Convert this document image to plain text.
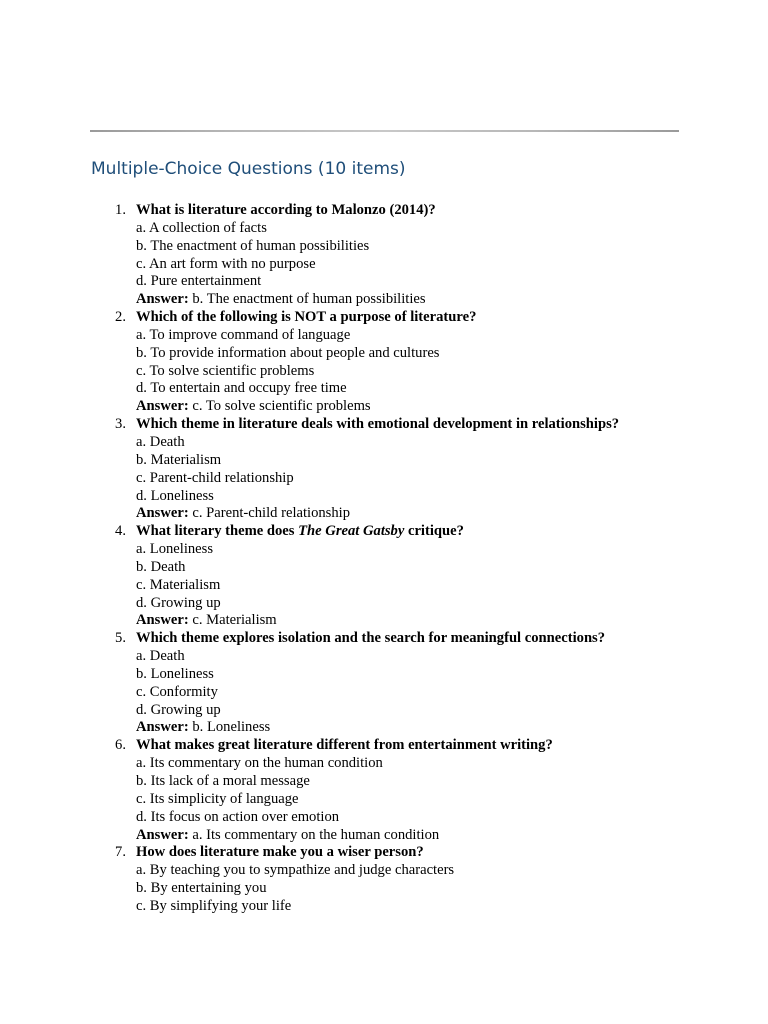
Multiple-Choice Questions (10 items)
1. What is literature according to Malonzo (2014)?
a. A collection of facts
b. The enactment of human possibilities
c. An art form with no purpose
d. Pure entertainment
Answer: b. The enactment of human possibilities
2. Which of the following is NOT a purpose of literature?
a. To improve command of language
b. To provide information about people and cultures
c. To solve scientific problems
d. To entertain and occupy free time
Answer: c. To solve scientific problems
3. Which theme in literature deals with emotional development in relationships?
a. Death
b. Materialism
c. Parent-child relationship
d. Loneliness
Answer: c. Parent-child relationship
4. What literary theme does The Great Gatsby critique?
a. Loneliness
b. Death
c. Materialism
d. Growing up
Answer: c. Materialism
5. Which theme explores isolation and the search for meaningful connections?
a. Death
b. Loneliness
c. Conformity
d. Growing up
Answer: b. Loneliness
6. What makes great literature different from entertainment writing?
a. Its commentary on the human condition
b. Its lack of a moral message
c. Its simplicity of language
d. Its focus on action over emotion
Answer: a. Its commentary on the human condition
7. How does literature make you a wiser person?
a. By teaching you to sympathize and judge characters
b. By entertaining you
c. By simplifying your life
